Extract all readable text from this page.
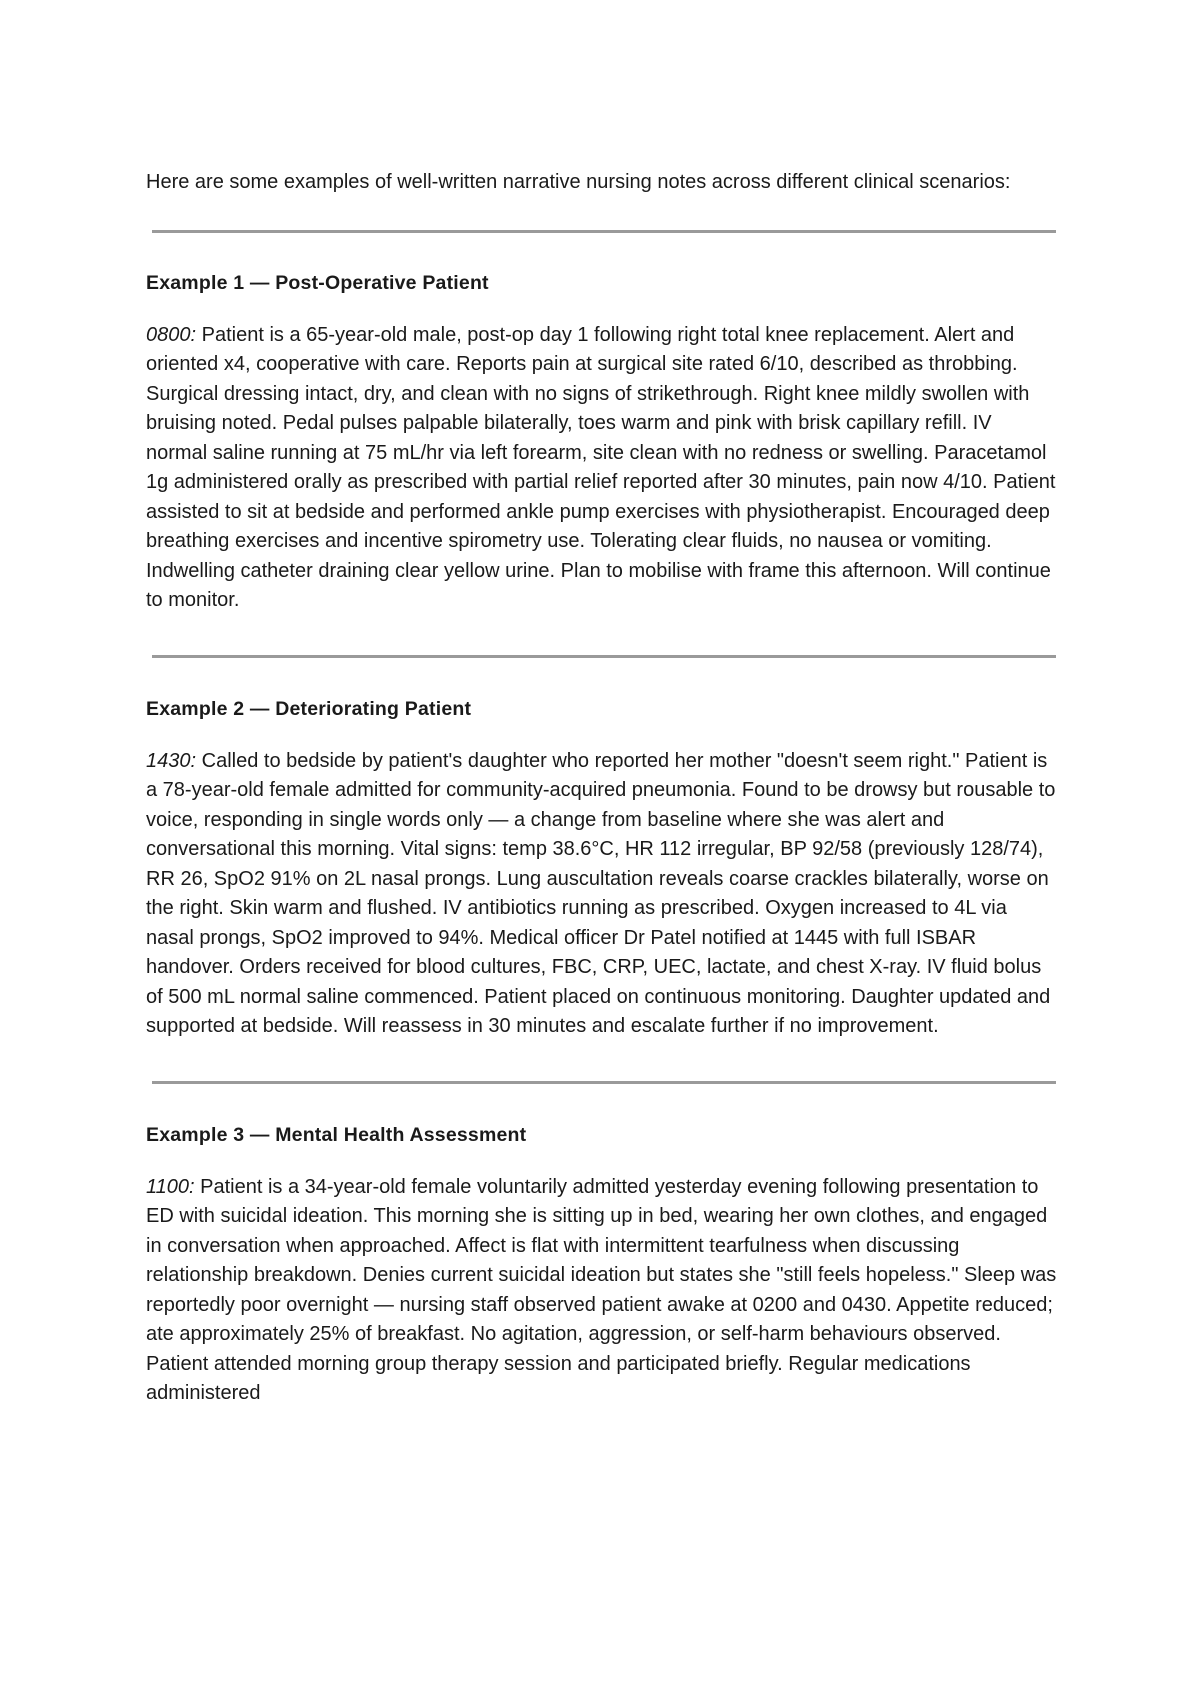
Here are some examples of well-written narrative nursing notes across different clinical scenarios:

Example 1 — Post-Operative Patient

0800: Patient is a 65-year-old male, post-op day 1 following right total knee replacement. Alert and oriented x4, cooperative with care. Reports pain at surgical site rated 6/10, described as throbbing. Surgical dressing intact, dry, and clean with no signs of strikethrough. Right knee mildly swollen with bruising noted. Pedal pulses palpable bilaterally, toes warm and pink with brisk capillary refill. IV normal saline running at 75 mL/hr via left forearm, site clean with no redness or swelling. Paracetamol 1g administered orally as prescribed with partial relief reported after 30 minutes, pain now 4/10. Patient assisted to sit at bedside and performed ankle pump exercises with physiotherapist. Encouraged deep breathing exercises and incentive spirometry use. Tolerating clear fluids, no nausea or vomiting. Indwelling catheter draining clear yellow urine. Plan to mobilise with frame this afternoon. Will continue to monitor.

Example 2 — Deteriorating Patient

1430: Called to bedside by patient's daughter who reported her mother "doesn't seem right." Patient is a 78-year-old female admitted for community-acquired pneumonia. Found to be drowsy but rousable to voice, responding in single words only — a change from baseline where she was alert and conversational this morning. Vital signs: temp 38.6°C, HR 112 irregular, BP 92/58 (previously 128/74), RR 26, SpO2 91% on 2L nasal prongs. Lung auscultation reveals coarse crackles bilaterally, worse on the right. Skin warm and flushed. IV antibiotics running as prescribed. Oxygen increased to 4L via nasal prongs, SpO2 improved to 94%. Medical officer Dr Patel notified at 1445 with full ISBAR handover. Orders received for blood cultures, FBC, CRP, UEC, lactate, and chest X-ray. IV fluid bolus of 500 mL normal saline commenced. Patient placed on continuous monitoring. Daughter updated and supported at bedside. Will reassess in 30 minutes and escalate further if no improvement.

Example 3 — Mental Health Assessment

1100: Patient is a 34-year-old female voluntarily admitted yesterday evening following presentation to ED with suicidal ideation. This morning she is sitting up in bed, wearing her own clothes, and engaged in conversation when approached. Affect is flat with intermittent tearfulness when discussing relationship breakdown. Denies current suicidal ideation but states she "still feels hopeless." Sleep was reportedly poor overnight — nursing staff observed patient awake at 0200 and 0430. Appetite reduced; ate approximately 25% of breakfast. No agitation, aggression, or self-harm behaviours observed. Patient attended morning group therapy session and participated briefly. Regular medications administered
